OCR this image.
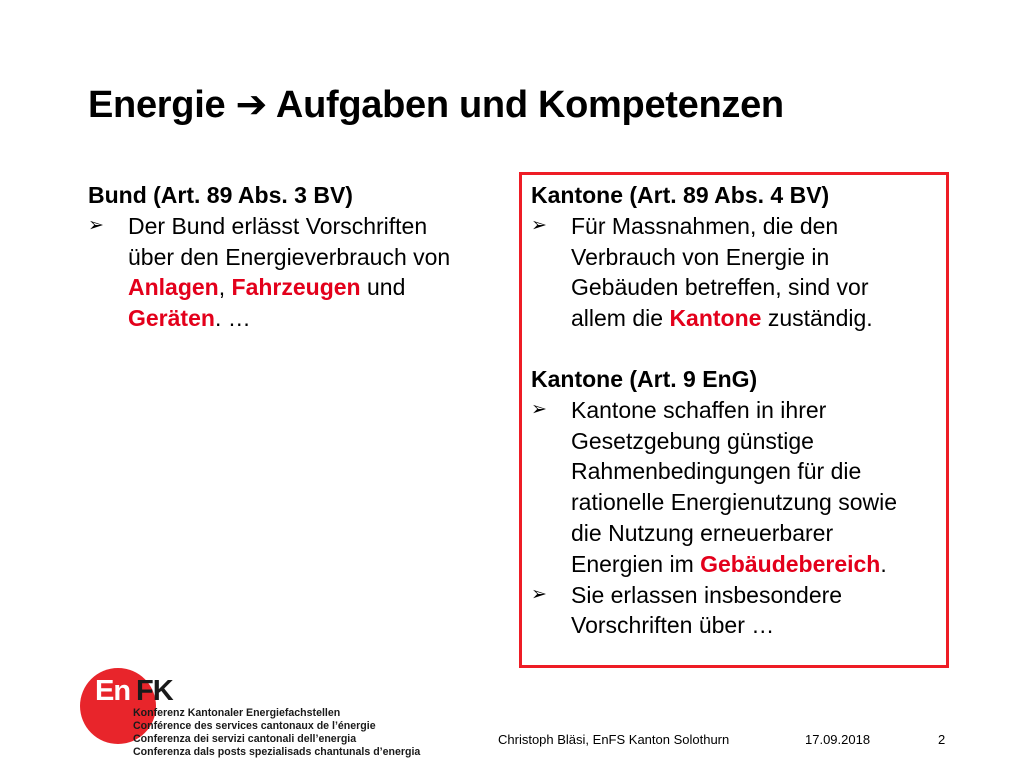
Energie ➔ Aufgaben und Kompetenzen
Bund (Art. 89 Abs. 3 BV)
➢	Der Bund erlässt Vorschriften
über den Energieverbrauch von
Anlagen, Fahrzeugen und
Geräten. …
Kantone (Art. 89 Abs. 4 BV)
➢	Für Massnahmen, die den
Verbrauch von Energie in
Gebäuden betreffen, sind vor
allem die Kantone zuständig.
Kantone (Art. 9 EnG)
➢	Kantone schaffen in ihrer
Gesetzgebung günstige
Rahmenbedingungen für die
rationelle Energienutzung sowie
die Nutzung erneuerbarer
Energien im Gebäudebereich.
➢	Sie erlassen insbesondere
Vorschriften über …
En FK
Konferenz Kantonaler Energiefachstellen
Conférence des services cantonaux de l’énergie
Conferenza dei servizi cantonali dell’energia
Conferenza dals posts spezialisads chantunals d’energia
Christoph Bläsi, EnFS Kanton Solothurn	17.09.2018	2
